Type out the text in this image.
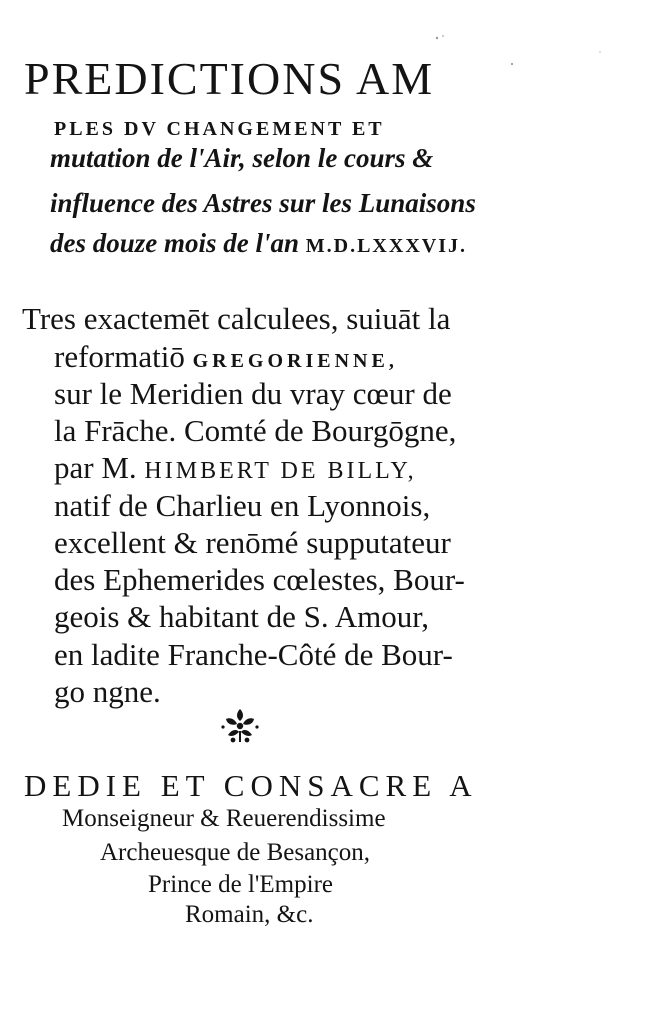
PREDICTIONS AM
PLES DV CHANGEMENT ET
mutation de l'Air, selon le cours &
influence des Astres sur les Lunaisons
des douze mois de l'an M.D.LXXXVIJ.
Tres exactemēt calculees, suiuāt la
reformatiō GREGORIENNE,
sur le Meridien du vray cœur de
la Frāche. Comté de Bourgōgne,
par M. HIMBERT DE BILLY,
natif de Charlieu en Lyonnois,
excellent & renōmé supputateur
des Ephemerides cœlestes, Bour-
geois & habitant de S. Amour,
en ladite Franche-Côté de Bour-
go ngne.
DEDIE ET CONSACRE A
Monseigneur & Reuerendissime
Archeuesque de Besançon,
Prince de l'Empire
Romain, &c.
